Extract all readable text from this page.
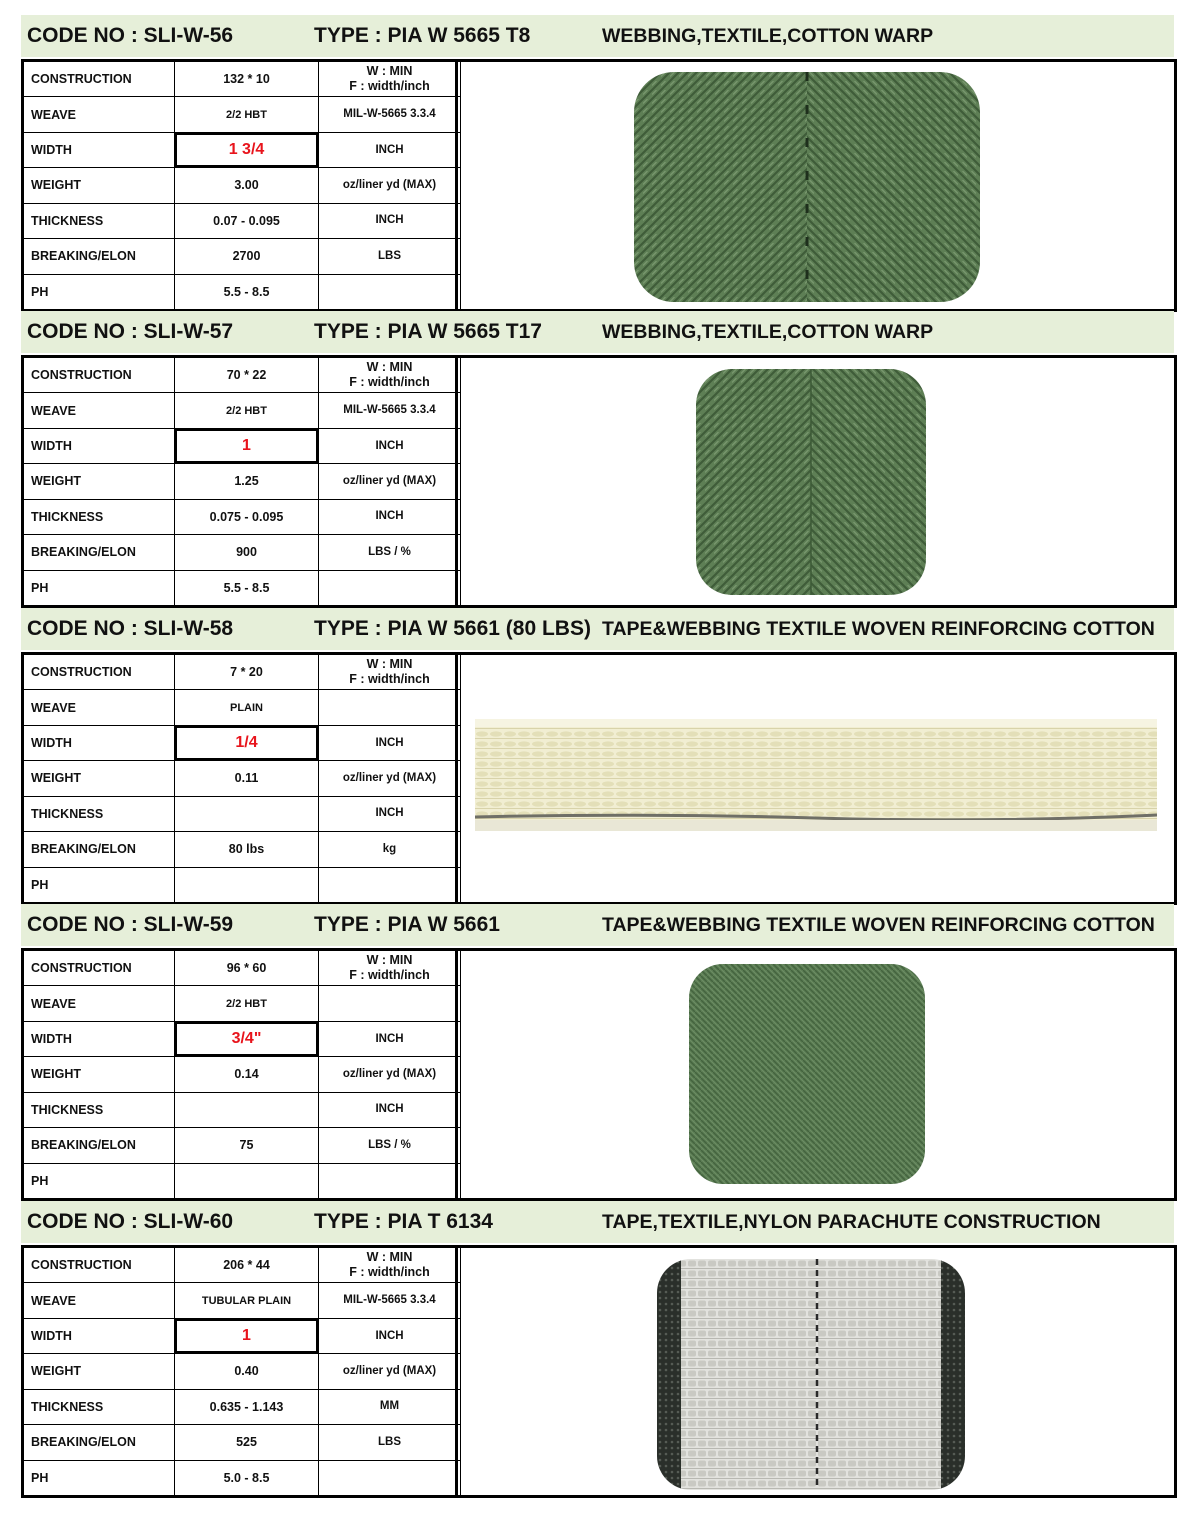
CODE NO : SLI-W-56	TYPE : PIA W 5665 T8	WEBBING,TEXTILE,COTTON WARP
CONSTRUCTION	132 * 10	W : MIN
F : width/inch
WEAVE	2/2 HBT	MIL-W-5665 3.3.4
WIDTH	1 3/4	INCH
WEIGHT	3.00	oz/liner yd (MAX)
THICKNESS	0.07 - 0.095	INCH
BREAKING/ELON	2700	LBS
PH	5.5 - 8.5	
CODE NO : SLI-W-57	TYPE : PIA W 5665 T17	WEBBING,TEXTILE,COTTON WARP
CONSTRUCTION	70 * 22	W : MIN
F : width/inch
WEAVE	2/2 HBT	MIL-W-5665 3.3.4
WIDTH	1	INCH
WEIGHT	1.25	oz/liner yd (MAX)
THICKNESS	0.075 - 0.095	INCH
BREAKING/ELON	900	LBS / %
PH	5.5 - 8.5	
CODE NO : SLI-W-58	TYPE : PIA W 5661 (80 LBS) TAPE&WEBBING TEXTILE WOVEN REINFORCING COTTON
CONSTRUCTION	7 * 20	W : MIN
F : width/inch
WEAVE	PLAIN	
WIDTH	1/4	INCH
WEIGHT	0.11	oz/liner yd (MAX)
THICKNESS		INCH
BREAKING/ELON	80 lbs	kg
PH		
CODE NO : SLI-W-59	TYPE : PIA W 5661	TAPE&WEBBING TEXTILE WOVEN REINFORCING COTTON
CONSTRUCTION	96 * 60	W : MIN
F : width/inch
WEAVE	2/2 HBT	
WIDTH	3/4"	INCH
WEIGHT	0.14	oz/liner yd (MAX)
THICKNESS		INCH
BREAKING/ELON	75	LBS / %
PH		
CODE NO : SLI-W-60	TYPE : PIA T 6134	TAPE,TEXTILE,NYLON PARACHUTE CONSTRUCTION
CONSTRUCTION	206 * 44	W : MIN
F : width/inch
WEAVE	TUBULAR PLAIN	MIL-W-5665 3.3.4
WIDTH	1	INCH
WEIGHT	0.40	oz/liner yd (MAX)
THICKNESS	0.635 - 1.143	MM
BREAKING/ELON	525	LBS
PH	5.0 - 8.5	
